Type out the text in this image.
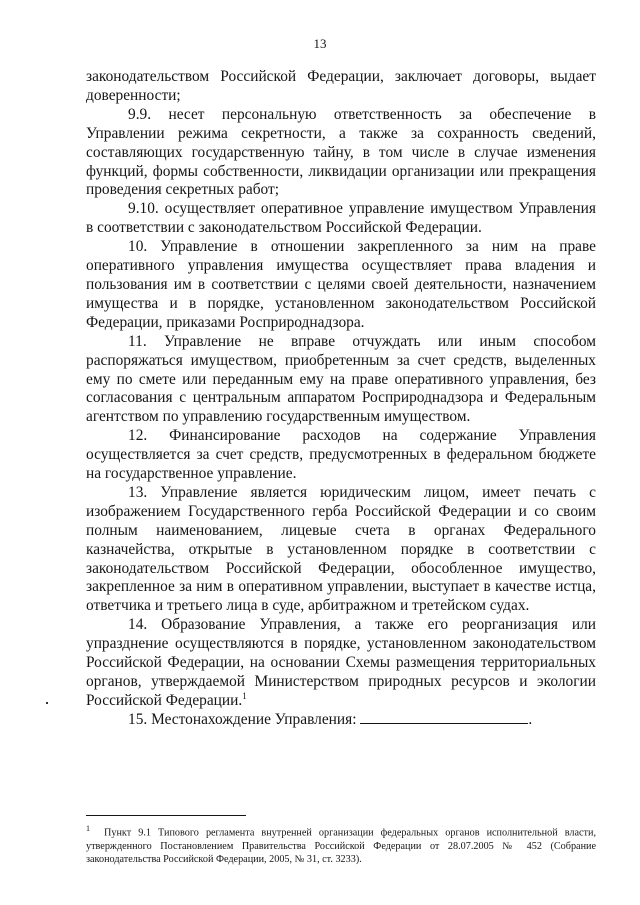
13

законодательством Российской Федерации, заключает договоры, выдает доверенности;

9.9. несет персональную ответственность за обеспечение в Управлении режима секретности, а также за сохранность сведений, составляющих государственную тайну, в том числе в случае изменения функций, формы собственности, ликвидации организации или прекращения проведения секретных работ;

9.10. осуществляет оперативное управление имуществом Управления в соответствии с законодательством Российской Федерации.

10. Управление в отношении закрепленного за ним на праве оперативного управления имущества осуществляет права владения и пользования им в соответствии с целями своей деятельности, назначением имущества и в порядке, установленном законодательством Российской Федерации, приказами Росприроднадзора.

11. Управление не вправе отчуждать или иным способом распоряжаться имуществом, приобретенным за счет средств, выделенных ему по смете или переданным ему на праве оперативного управления, без согласования с центральным аппаратом Росприроднадзора и Федеральным агентством по управлению государственным имуществом.

12. Финансирование расходов на содержание Управления осуществляется за счет средств, предусмотренных в федеральном бюджете на государственное управление.

13. Управление является юридическим лицом, имеет печать с изображением Государственного герба Российской Федерации и со своим полным наименованием, лицевые счета в органах Федерального казначейства, открытые в установленном порядке в соответствии с законодательством Российской Федерации, обособленное имущество, закрепленное за ним в оперативном управлении, выступает в качестве истца, ответчика и третьего лица в суде, арбитражном и третейском судах.

14. Образование Управления, а также его реорганизация или упразднение осуществляются в порядке, установленном законодательством Российской Федерации, на основании Схемы размещения территориальных органов, утверждаемой Министерством природных ресурсов и экологии Российской Федерации.$^1$

15. Местонахождение Управления:	.

$^1$ Пункт 9.1 Типового регламента внутренней организации федеральных органов исполнительной власти, утвержденного Постановлением Правительства Российской Федерации от 28.07.2005 № 452 (Собрание законодательства Российской Федерации, 2005, № 31, ст. 3233).
